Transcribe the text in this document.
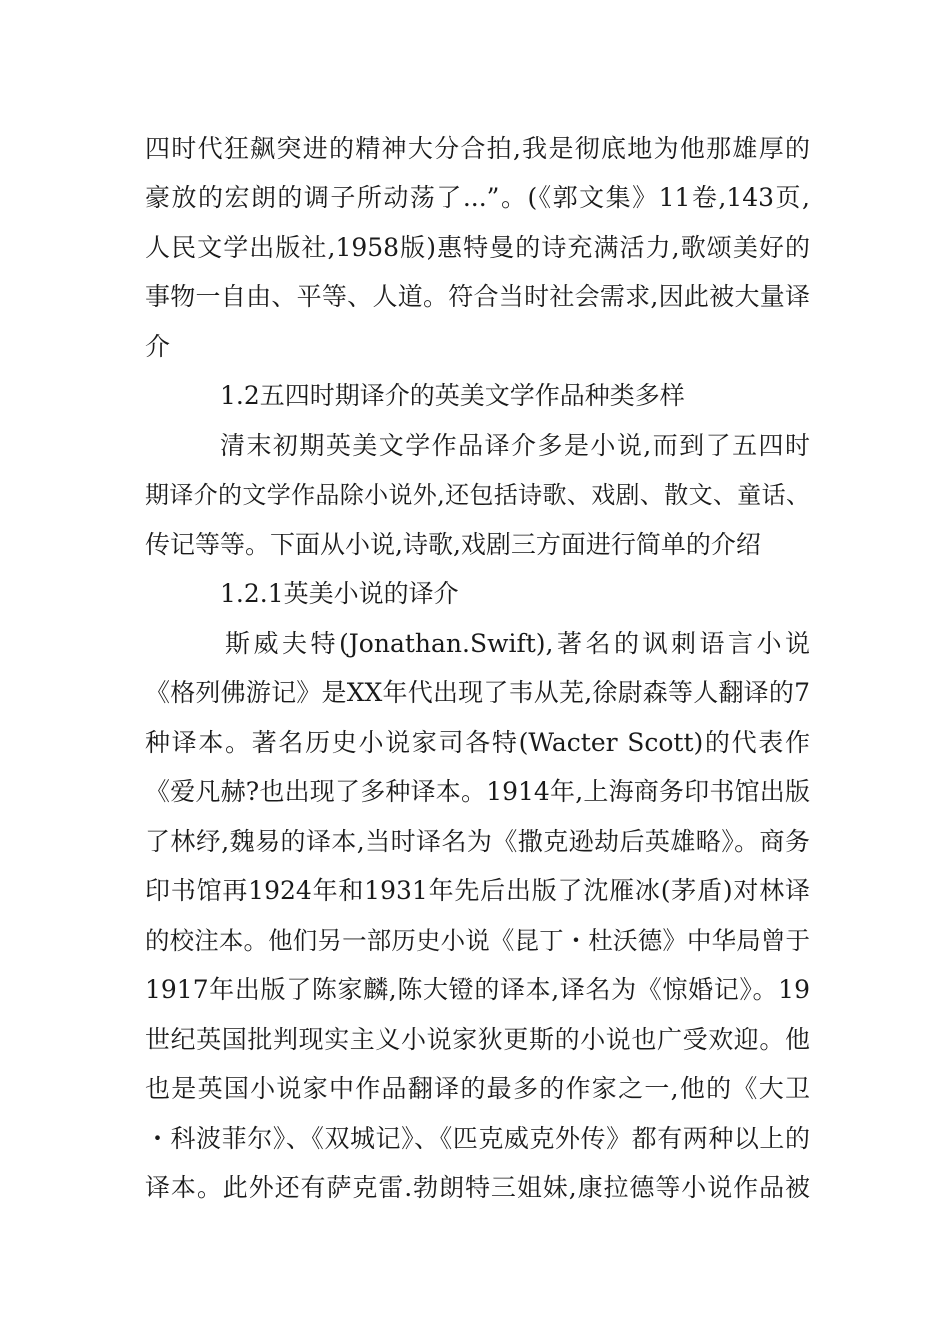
四时代狂飙突进的精神大分合拍,我是彻底地为他那雄厚的
豪放的宏朗的调子所动荡了...”。(《郭文集》11卷,143页,
人民文学出版社,1958版)惠特曼的诗充满活力,歌颂美好的
事物一自由、平等、人道。符合当时社会需求,因此被大量译
介
1.2五四时期译介的英美文学作品种类多样
清末初期英美文学作品译介多是小说,而到了五四时
期译介的文学作品除小说外,还包括诗歌、戏剧、散文、童话、
传记等等。下面从小说,诗歌,戏剧三方面进行简单的介绍
1.2.1英美小说的译介
斯威夫特(Jonathan.Swift),著名的讽刺语言小说
《格列佛游记》是XX年代出现了韦从芜,徐尉森等人翻译的7
种译本。著名历史小说家司各特(Wacter Scott)的代表作
《爱凡赫?也出现了多种译本。1914年,上海商务印书馆出版
了林纾,魏易的译本,当时译名为《撒克逊劫后英雄略》。商务
印书馆再1924年和1931年先后出版了沈雁冰(茅盾)对林译
的校注本。他们另一部历史小说《昆丁・杜沃德》中华局曾于
1917年出版了陈家麟,陈大镫的译本,译名为《惊婚记》。19
世纪英国批判现实主义小说家狄更斯的小说也广受欢迎。他
也是英国小说家中作品翻译的最多的作家之一,他的《大卫
・科波菲尔》、《双城记》、《匹克威克外传》都有两种以上的
译本。此外还有萨克雷.勃朗特三姐妹,康拉德等小说作品被
